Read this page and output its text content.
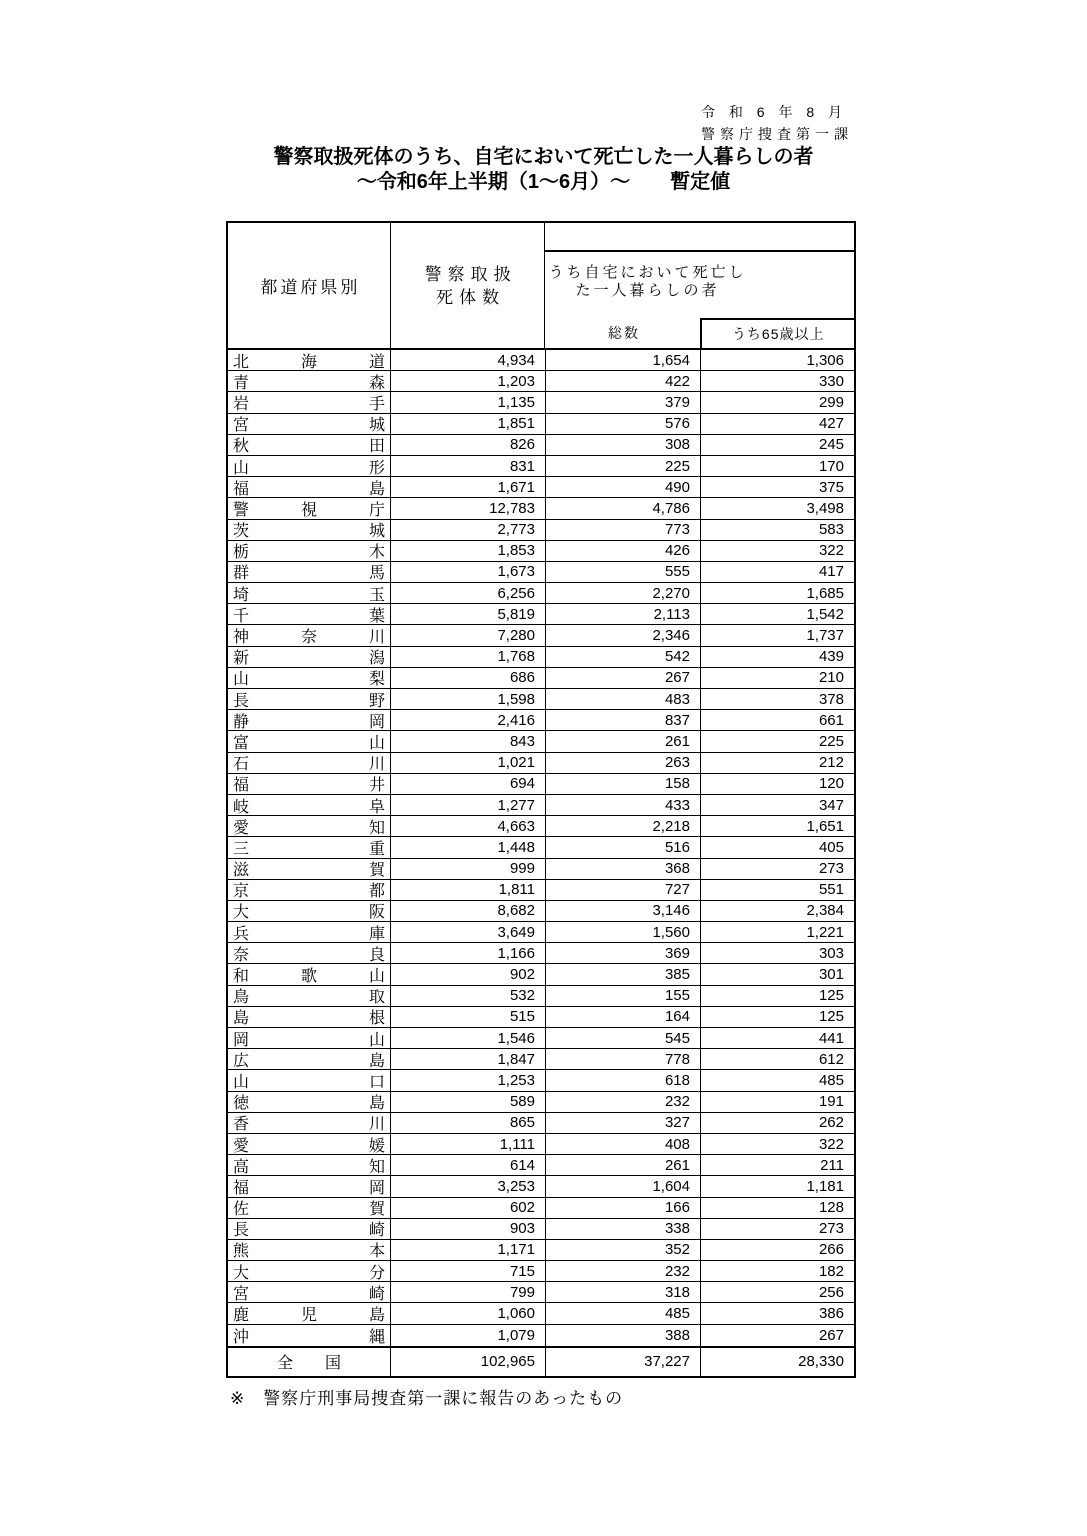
令 和 6 年 8 月
警察庁捜査第一課
警察取扱死体のうち、自宅において死亡した一人暮らしの者
～令和6年上半期（1～6月）～　　暫定値
都道府県別
警察取扱
死体数
うち自宅において死亡し
た一人暮らしの者
総数	うち65歳以上
北	海	道	4,934	1,654	1,306
青	森	1,203	422	330
岩	手	1,135	379	299
宮	城	1,851	576	427
秋	田	826	308	245
山	形	831	225	170
福	島	1,671	490	375
警	視	庁	12,783	4,786	3,498
茨	城	2,773	773	583
栃	木	1,853	426	322
群	馬	1,673	555	417
埼	玉	6,256	2,270	1,685
千	葉	5,819	2,113	1,542
神	奈	川	7,280	2,346	1,737
新	潟	1,768	542	439
山	梨	686	267	210
長	野	1,598	483	378
静	岡	2,416	837	661
富	山	843	261	225
石	川	1,021	263	212
福	井	694	158	120
岐	阜	1,277	433	347
愛	知	4,663	2,218	1,651
三	重	1,448	516	405
滋	賀	999	368	273
京	都	1,811	727	551
大	阪	8,682	3,146	2,384
兵	庫	3,649	1,560	1,221
奈	良	1,166	369	303
和	歌	山	902	385	301
鳥	取	532	155	125
島	根	515	164	125
岡	山	1,546	545	441
広	島	1,847	778	612
山	口	1,253	618	485
徳	島	589	232	191
香	川	865	327	262
愛	媛	1,111	408	322
高	知	614	261	211
福	岡	3,253	1,604	1,181
佐	賀	602	166	128
長	崎	903	338	273
熊	本	1,171	352	266
大	分	715	232	182
宮	崎	799	318	256
鹿	児	島	1,060	485	386
沖	縄	1,079	388	267
全　　国	102,965	37,227	28,330
※　警察庁刑事局捜査第一課に報告のあったもの
